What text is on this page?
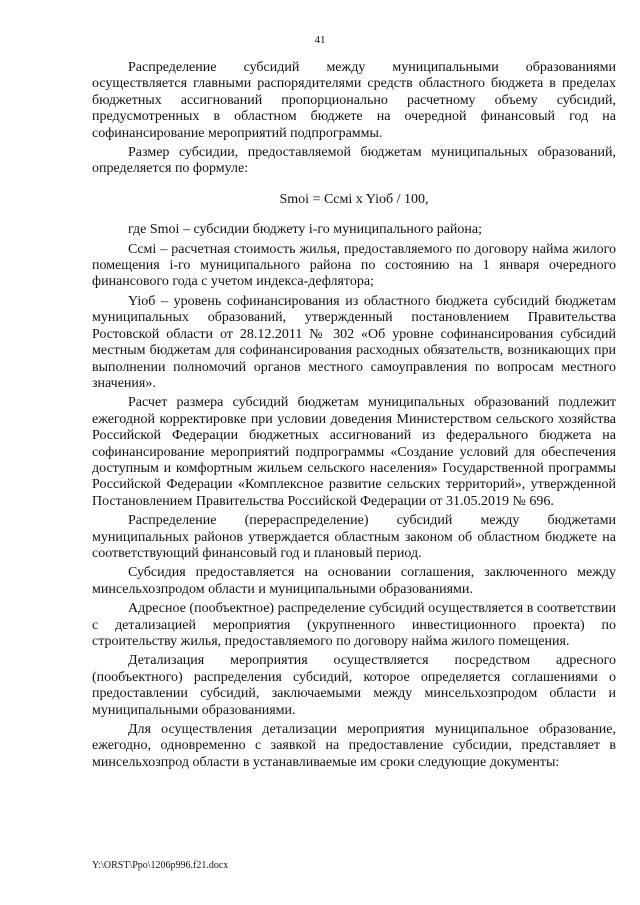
41

Распределение субсидий между муниципальными образованиями осуществляется главными распорядителями средств областного бюджета в пределах бюджетных ассигнований пропорционально расчетному объему субсидий, предусмотренных в областном бюджете на очередной финансовый год на софинансирование мероприятий подпрограммы.

Размер субсидии, предоставляемой бюджетам муниципальных образований, определяется по формуле:

Smoi = Ccмi x Yioб / 100,

где Smoi – субсидии бюджету i-го муниципального района;

Ccмi – расчетная стоимость жилья, предоставляемого по договору найма жилого помещения i-го муниципального района по состоянию на 1 января очередного финансового года с учетом индекса-дефлятора;

Yioб – уровень софинансирования из областного бюджета субсидий бюджетам муниципальных образований, утвержденный постановлением Правительства Ростовской области от 28.12.2011 № 302 «Об уровне софинансирования субсидий местным бюджетам для софинансирования расходных обязательств, возникающих при выполнении полномочий органов местного самоуправления по вопросам местного значения».

Расчет размера субсидий бюджетам муниципальных образований подлежит ежегодной корректировке при условии доведения Министерством сельского хозяйства Российской Федерации бюджетных ассигнований из федерального бюджета на софинансирование мероприятий подпрограммы «Создание условий для обеспечения доступным и комфортным жильем сельского населения» Государственной программы Российской Федерации «Комплексное развитие сельских территорий», утвержденной Постановлением Правительства Российской Федерации от 31.05.2019 № 696.

Распределение (перераспределение) субсидий между бюджетами муниципальных районов утверждается областным законом об областном бюджете на соответствующий финансовый год и плановый период.

Субсидия предоставляется на основании соглашения, заключенного между минсельхозпродом области и муниципальными образованиями.

Адресное (пообъектное) распределение субсидий осуществляется в соответствии с детализацией мероприятия (укрупненного инвестиционного проекта) по строительству жилья, предоставляемого по договору найма жилого помещения.

Детализация мероприятия осуществляется посредством адресного (пообъектного) распределения субсидий, которое определяется соглашениями о предоставлении субсидий, заключаемыми между минсельхозпродом области и муниципальными образованиями.

Для осуществления детализации мероприятия муниципальное образование, ежегодно, одновременно с заявкой на предоставление субсидии, представляет в минсельхозпрод области в устанавливаемые им сроки следующие документы:

Y:\ORST\Ppo\1206p996.f21.docx
